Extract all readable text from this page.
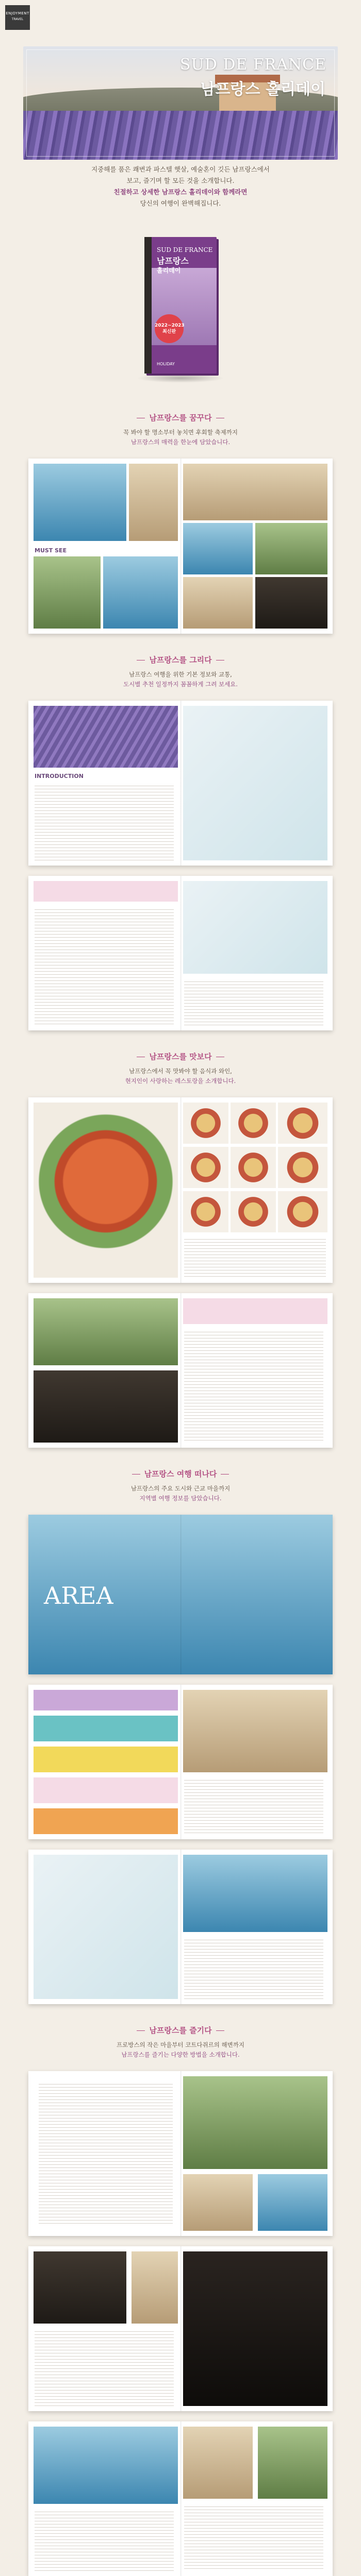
ENJOYMENT
TRAVEL
SUD DE FRANCE
남프랑스 홀리데이
지중해를 품은 쾌변과 파스텔 햇살, 예술혼이 깃든 남프랑스에서
보고, 즐기며 할 모든 것을 소개합니다.
친절하고 상세한 남프랑스 홀리데이와 함께라면
당신의 여행이 완벽해집니다.
SUD DE FRANCE
남프랑스
홀리데이
2022~2023 최신판
HOLIDAY
남프랑스를 꿈꾸다
꼭 봐야 할 명소부터 놓치면 후회할 축제까지
남프랑스의 매력을 한눈에 담았습니다.
MUST SEE
남프랑스를 그리다
남프랑스 여행을 위한 기본 정보와 교통,
도시별 추천 일정까지 꼼꼼하게 그려 보세요.
INTRODUCTION
남프랑스를 맛보다
남프랑스에서 꼭 맛봐야 할 음식과 와인,
현지인이 사랑하는 레스토랑을 소개합니다.
남프랑스 여행 떠나다
남프랑스의 주요 도시와 근교 마을까지
지역별 여행 정보를 담았습니다.
AREA
남프랑스를 즐기다
프로방스의 작은 마을부터 코트다쥐르의 해변까지
남프랑스를 즐기는 다양한 방법을 소개합니다.
